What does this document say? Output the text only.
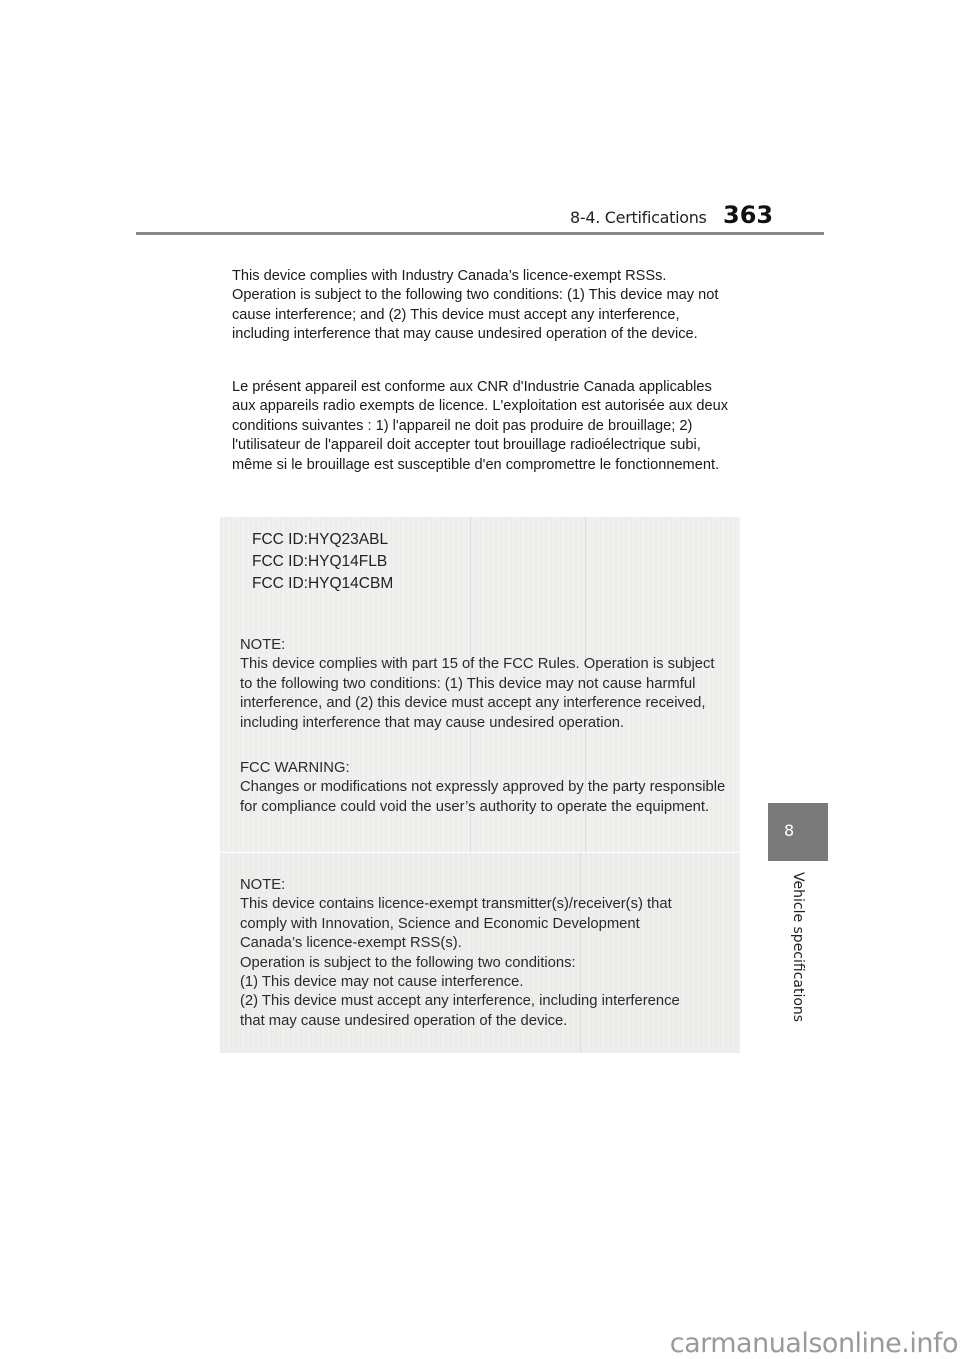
8-4. Certifications 363
This device complies with Industry Canada’s licence-exempt RSSs. Operation is subject to the following two conditions: (1) This device may not cause interference; and (2) This device must accept any interference, including interference that may cause undesired operation of the device.
Le présent appareil est conforme aux CNR d'Industrie Canada applicables aux appareils radio exempts de licence. L'exploitation est autorisée aux deux conditions suivantes : 1) l'appareil ne doit pas produire de brouillage; 2) l'utilisateur de l'appareil doit accepter tout brouillage radioélectrique subi, même si le brouillage est susceptible d'en compromettre le fonctionnement.
FCC ID:HYQ23ABL
FCC ID:HYQ14FLB
FCC ID:HYQ14CBM
NOTE:
This device complies with part 15 of the FCC Rules. Operation is subject to the following two conditions: (1) This device may not cause harmful interference, and (2) this device must accept any interference received, including interference that may cause undesired operation.
FCC WARNING:
Changes or modifications not expressly approved by the party responsible for compliance could void the user’s authority to operate the equipment.
NOTE:
This device contains licence-exempt transmitter(s)/receiver(s) that comply with Innovation, Science and Economic Development Canada’s licence-exempt RSS(s).
Operation is subject to the following two conditions:
(1) This device may not cause interference.
(2) This device must accept any interference, including interference that may cause undesired operation of the device.
8
Vehicle specifications
carmanualsonline.info
